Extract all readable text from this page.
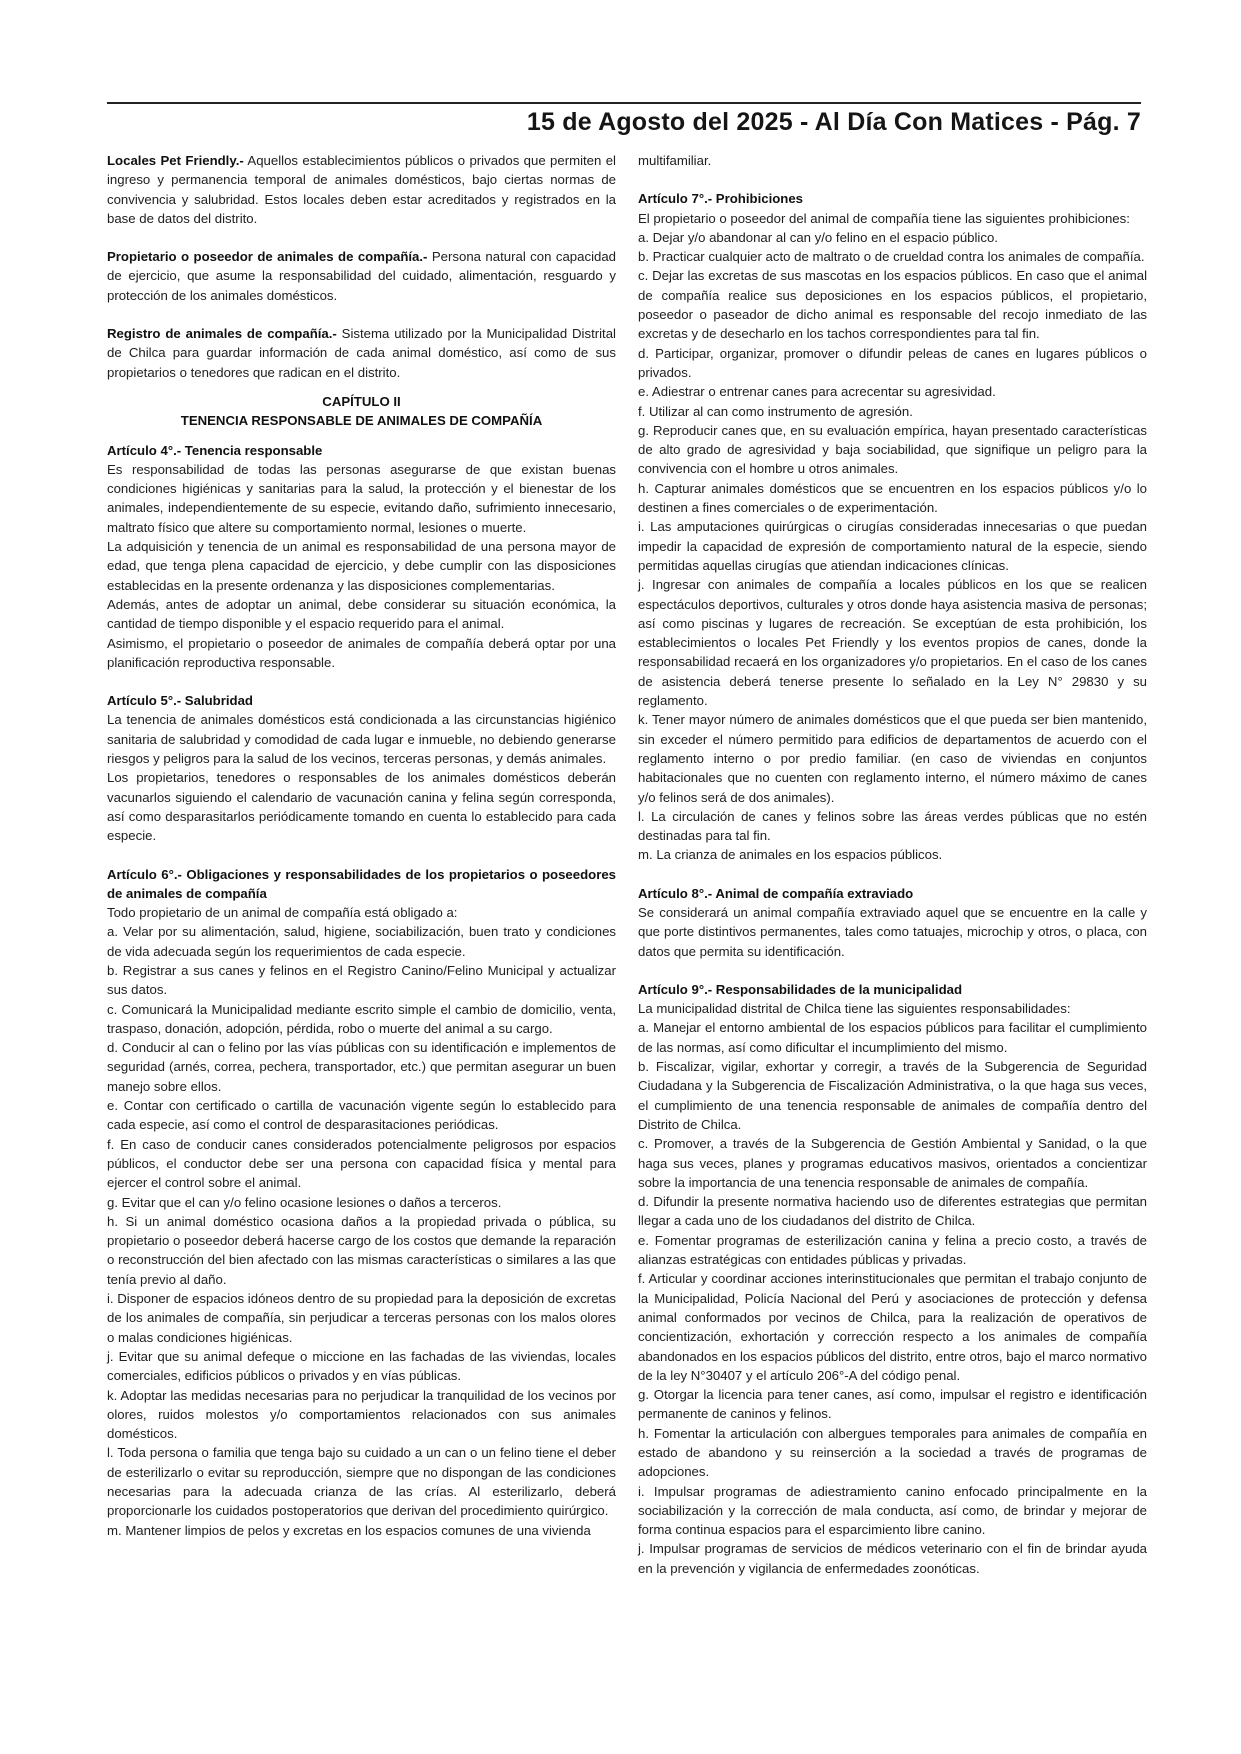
15 de Agosto del 2025 - Al Día Con Matices - Pág. 7

Locales Pet Friendly.- Aquellos establecimientos públicos o privados que permiten el ingreso y permanencia temporal de animales domésticos, bajo ciertas normas de convivencia y salubridad. Estos locales deben estar acreditados y registrados en la base de datos del distrito.

Propietario o poseedor de animales de compañía.- Persona natural con capacidad de ejercicio, que asume la responsabilidad del cuidado, alimentación, resguardo y protección de los animales domésticos.

Registro de animales de compañía.- Sistema utilizado por la Municipalidad Distrital de Chilca para guardar información de cada animal doméstico, así como de sus propietarios o tenedores que radican en el distrito.

CAPÍTULO II

TENENCIA RESPONSABLE DE ANIMALES DE COMPAÑÍA

Artículo 4°.- Tenencia responsable

Es responsabilidad de todas las personas asegurarse de que existan buenas condiciones higiénicas y sanitarias para la salud, la protección y el bienestar de los animales, independientemente de su especie, evitando daño, sufrimiento innecesario, maltrato físico que altere su comportamiento normal, lesiones o muerte.

La adquisición y tenencia de un animal es responsabilidad de una persona mayor de edad, que tenga plena capacidad de ejercicio, y debe cumplir con las disposiciones establecidas en la presente ordenanza y las disposiciones complementarias.

Además, antes de adoptar un animal, debe considerar su situación económica, la cantidad de tiempo disponible y el espacio requerido para el animal.

Asimismo, el propietario o poseedor de animales de compañía deberá optar por una planificación reproductiva responsable.

Artículo 5°.- Salubridad

La tenencia de animales domésticos está condicionada a las circunstancias higiénico sanitaria de salubridad y comodidad de cada lugar e inmueble, no debiendo generarse riesgos y peligros para la salud de los vecinos, terceras personas, y demás animales.

Los propietarios, tenedores o responsables de los animales domésticos deberán vacunarlos siguiendo el calendario de vacunación canina y felina según corresponda, así como desparasitarlos periódicamente tomando en cuenta lo establecido para cada especie.

Artículo 6°.- Obligaciones y responsabilidades de los propietarios o poseedores de animales de compañía

Todo propietario de un animal de compañía está obligado a:

a. Velar por su alimentación, salud, higiene, sociabilización, buen trato y condiciones de vida adecuada según los requerimientos de cada especie.

b. Registrar a sus canes y felinos en el Registro Canino/Felino Municipal y actualizar sus datos.

c. Comunicará la Municipalidad mediante escrito simple el cambio de domicilio, venta, traspaso, donación, adopción, pérdida, robo o muerte del animal a su cargo.

d. Conducir al can o felino por las vías públicas con su identificación e implementos de seguridad (arnés, correa, pechera, transportador, etc.) que permitan asegurar un buen manejo sobre ellos.

e. Contar con certificado o cartilla de vacunación vigente según lo establecido para cada especie, así como el control de desparasitaciones periódicas.

f. En caso de conducir canes considerados potencialmente peligrosos por espacios públicos, el conductor debe ser una persona con capacidad física y mental para ejercer el control sobre el animal.

g. Evitar que el can y/o felino ocasione lesiones o daños a terceros.

h. Si un animal doméstico ocasiona daños a la propiedad privada o pública, su propietario o poseedor deberá hacerse cargo de los costos que demande la reparación o reconstrucción del bien afectado con las mismas características o similares a las que tenía previo al daño.

i. Disponer de espacios idóneos dentro de su propiedad para la deposición de excretas de los animales de compañía, sin perjudicar a terceras personas con los malos olores o malas condiciones higiénicas.

j. Evitar que su animal defeque o miccione en las fachadas de las viviendas, locales comerciales, edificios públicos o privados y en vías públicas.

k. Adoptar las medidas necesarias para no perjudicar la tranquilidad de los vecinos por olores, ruidos molestos y/o comportamientos relacionados con sus animales domésticos.

l. Toda persona o familia que tenga bajo su cuidado a un can o un felino tiene el deber de esterilizarlo o evitar su reproducción, siempre que no dispongan de las condiciones necesarias para la adecuada crianza de las crías. Al esterilizarlo, deberá proporcionarle los cuidados postoperatorios que derivan del procedimiento quirúrgico.

m. Mantener limpios de pelos y excretas en los espacios comunes de una vivienda

multifamiliar.

Artículo 7°.- Prohibiciones

El propietario o poseedor del animal de compañía tiene las siguientes prohibiciones:

a. Dejar y/o abandonar al can y/o felino en el espacio público.

b. Practicar cualquier acto de maltrato o de crueldad contra los animales de compañía.

c. Dejar las excretas de sus mascotas en los espacios públicos. En caso que el animal de compañía realice sus deposiciones en los espacios públicos, el propietario, poseedor o paseador de dicho animal es responsable del recojo inmediato de las excretas y de desecharlo en los tachos correspondientes para tal fin.

d. Participar, organizar, promover o difundir peleas de canes en lugares públicos o privados.

e. Adiestrar o entrenar canes para acrecentar su agresividad.

f. Utilizar al can como instrumento de agresión.

g. Reproducir canes que, en su evaluación empírica, hayan presentado características de alto grado de agresividad y baja sociabilidad, que signifique un peligro para la convivencia con el hombre u otros animales.

h. Capturar animales domésticos que se encuentren en los espacios públicos y/o lo destinen a fines comerciales o de experimentación.

i. Las amputaciones quirúrgicas o cirugías consideradas innecesarias o que puedan impedir la capacidad de expresión de comportamiento natural de la especie, siendo permitidas aquellas cirugías que atiendan indicaciones clínicas.

j. Ingresar con animales de compañía a locales públicos en los que se realicen espectáculos deportivos, culturales y otros donde haya asistencia masiva de personas; así como piscinas y lugares de recreación. Se exceptúan de esta prohibición, los establecimientos o locales Pet Friendly y los eventos propios de canes, donde la responsabilidad recaerá en los organizadores y/o propietarios. En el caso de los canes de asistencia deberá tenerse presente lo señalado en la Ley N° 29830 y su reglamento.

k. Tener mayor número de animales domésticos que el que pueda ser bien mantenido, sin exceder el número permitido para edificios de departamentos de acuerdo con el reglamento interno o por predio familiar. (en caso de viviendas en conjuntos habitacionales que no cuenten con reglamento interno, el número máximo de canes y/o felinos será de dos animales).

l. La circulación de canes y felinos sobre las áreas verdes públicas que no estén destinadas para tal fin.

m. La crianza de animales en los espacios públicos.

Artículo 8°.- Animal de compañía extraviado

Se considerará un animal compañía extraviado aquel que se encuentre en la calle y que porte distintivos permanentes, tales como tatuajes, microchip y otros, o placa, con datos que permita su identificación.

Artículo 9°.- Responsabilidades de la municipalidad

La municipalidad distrital de Chilca tiene las siguientes responsabilidades:

a. Manejar el entorno ambiental de los espacios públicos para facilitar el cumplimiento de las normas, así como dificultar el incumplimiento del mismo.

b. Fiscalizar, vigilar, exhortar y corregir, a través de la Subgerencia de Seguridad Ciudadana y la Subgerencia de Fiscalización Administrativa, o la que haga sus veces, el cumplimiento de una tenencia responsable de animales de compañía dentro del Distrito de Chilca.

c. Promover, a través de la Subgerencia de Gestión Ambiental y Sanidad, o la que haga sus veces, planes y programas educativos masivos, orientados a concientizar sobre la importancia de una tenencia responsable de animales de compañía.

d. Difundir la presente normativa haciendo uso de diferentes estrategias que permitan llegar a cada uno de los ciudadanos del distrito de Chilca.

e. Fomentar programas de esterilización canina y felina a precio costo, a través de alianzas estratégicas con entidades públicas y privadas.

f. Articular y coordinar acciones interinstitucionales que permitan el trabajo conjunto de la Municipalidad, Policía Nacional del Perú y asociaciones de protección y defensa animal conformados por vecinos de Chilca, para la realización de operativos de concientización, exhortación y corrección respecto a los animales de compañía abandonados en los espacios públicos del distrito, entre otros, bajo el marco normativo de la ley N°30407 y el artículo 206°-A del código penal.

g. Otorgar la licencia para tener canes, así como, impulsar el registro e identificación permanente de caninos y felinos.

h. Fomentar la articulación con albergues temporales para animales de compañía en estado de abandono y su reinserción a la sociedad a través de programas de adopciones.

i. Impulsar programas de adiestramiento canino enfocado principalmente en la sociabilización y la corrección de mala conducta, así como, de brindar y mejorar de forma continua espacios para el esparcimiento libre canino.

j. Impulsar programas de servicios de médicos veterinario con el fin de brindar ayuda en la prevención y vigilancia de enfermedades zoonóticas.
